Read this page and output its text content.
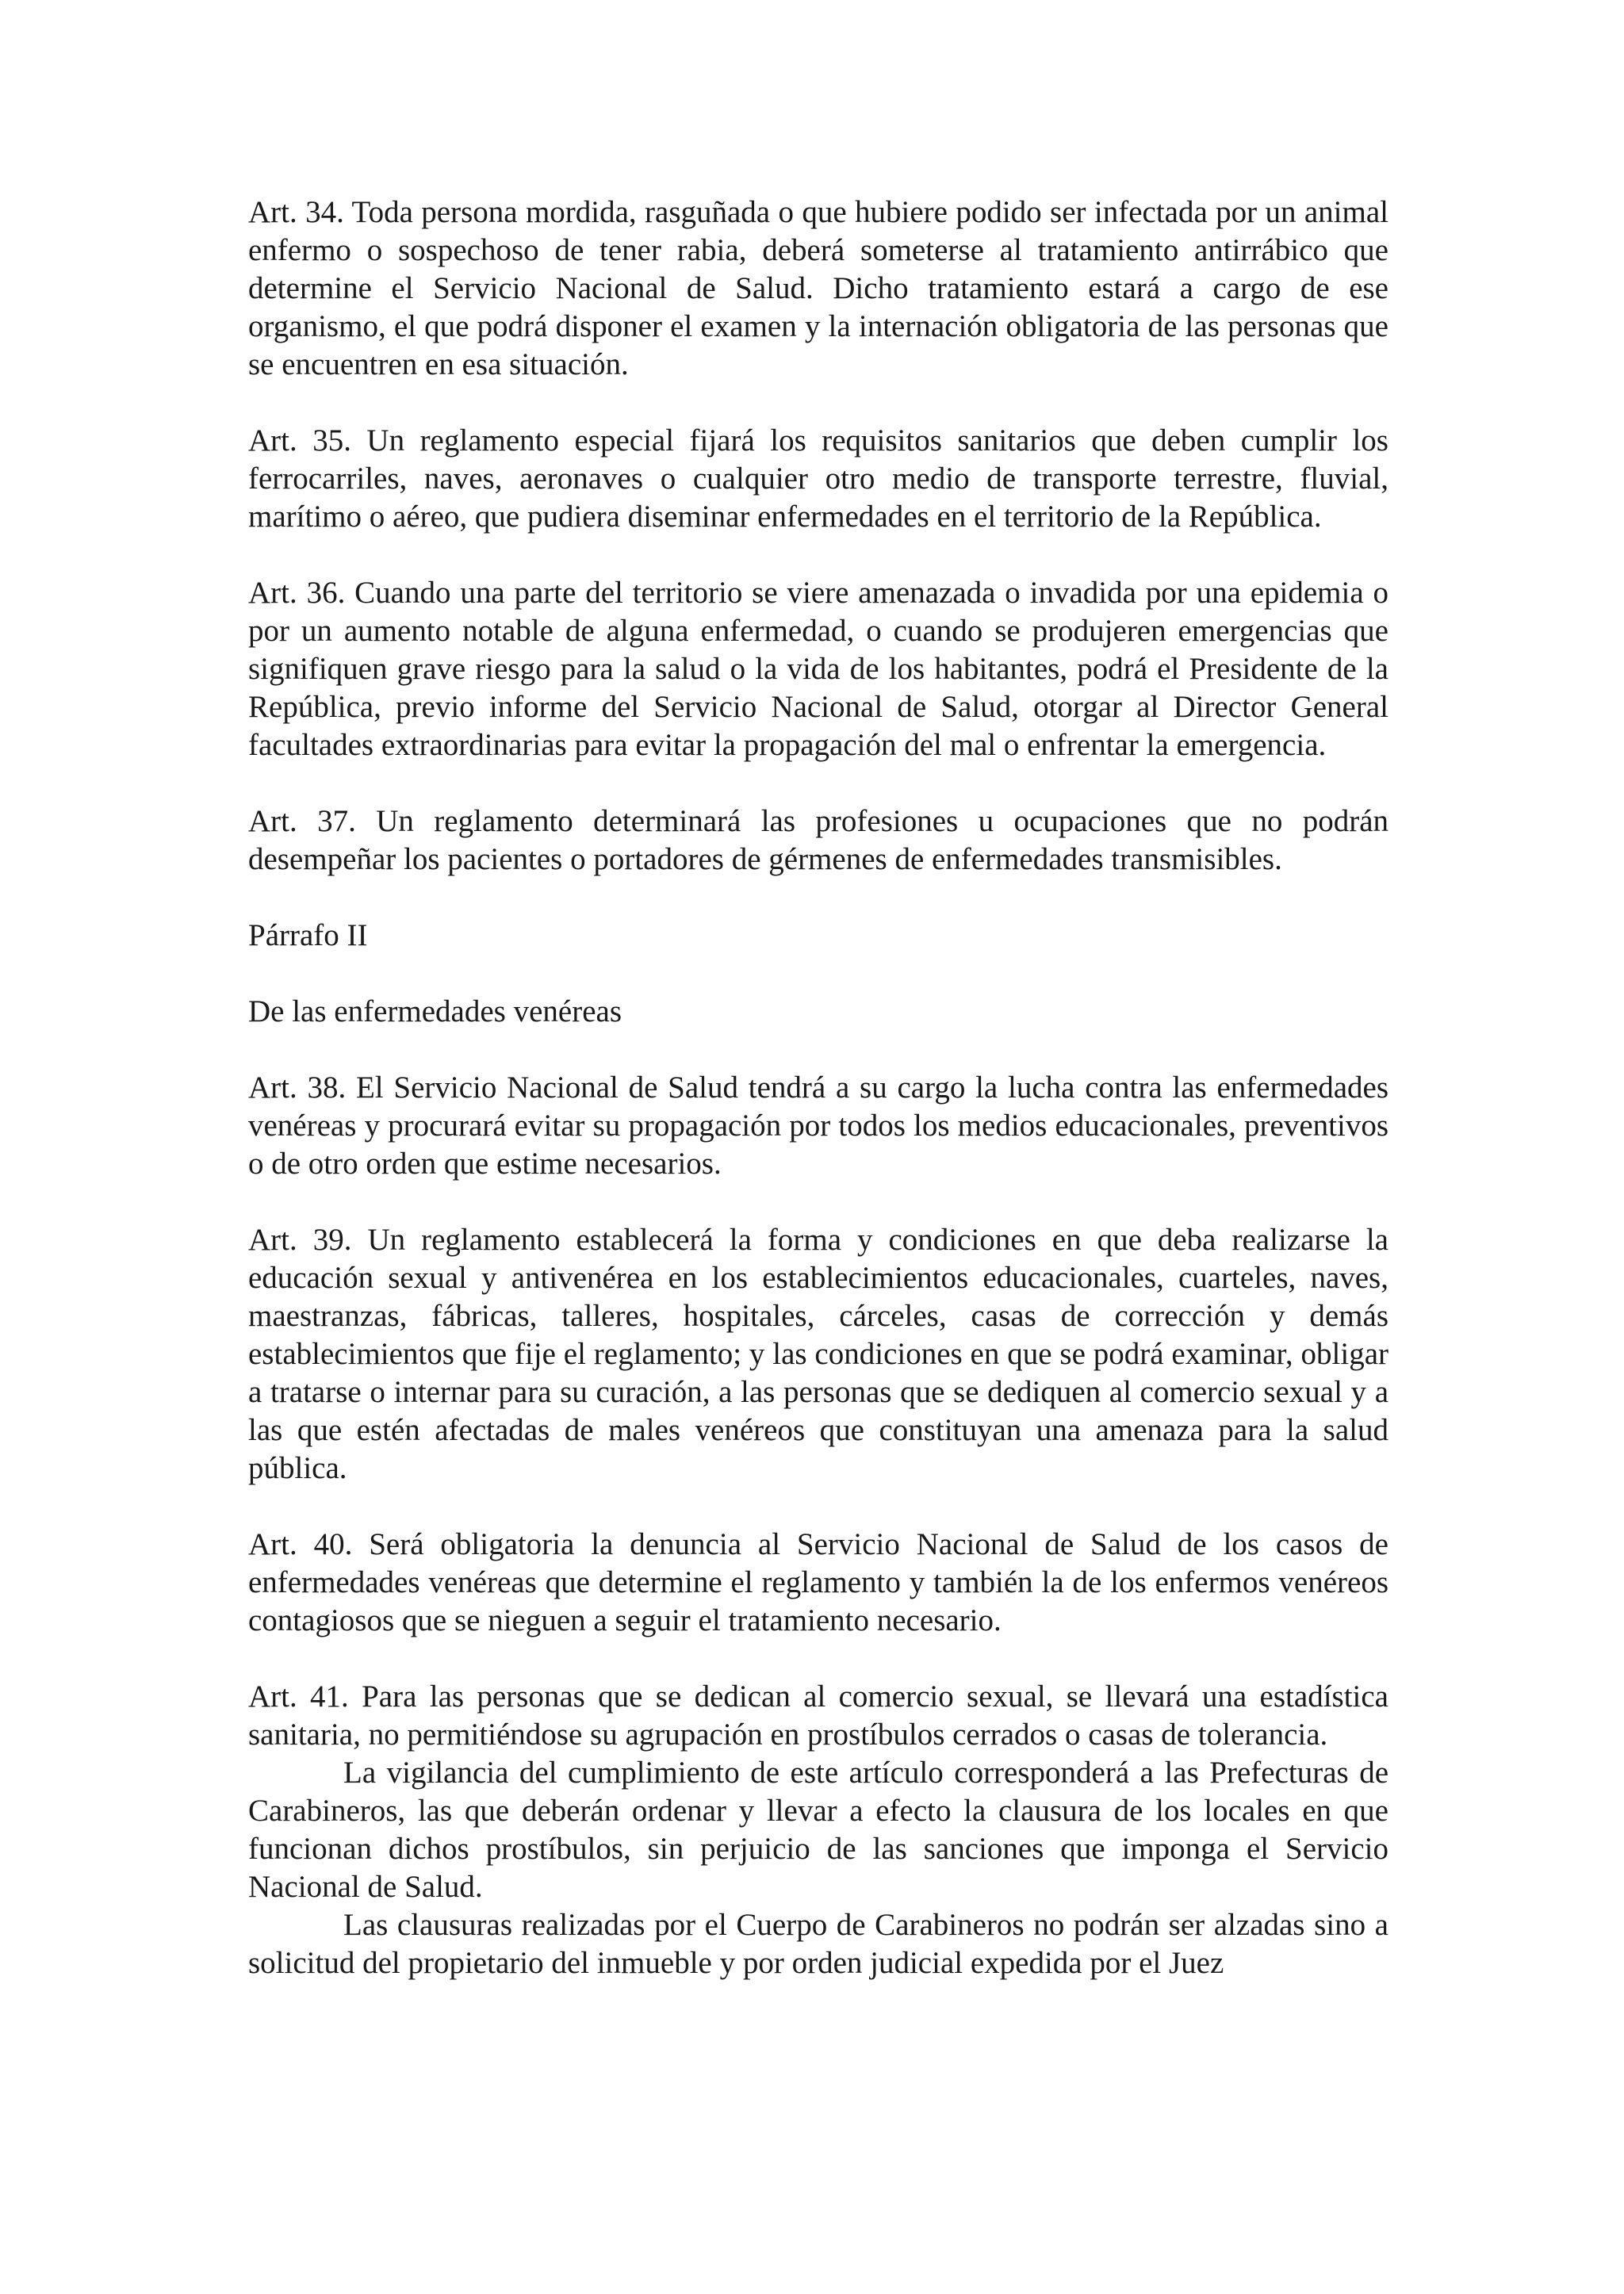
Art. 34. Toda persona mordida, rasguñada o que hubiere podido ser infectada por un animal enfermo o sospechoso de tener rabia, deberá someterse al tratamiento antirrábico que determine el Servicio Nacional de Salud. Dicho tratamiento estará a cargo de ese organismo, el que podrá disponer el examen y la internación obligatoria de las personas que se encuentren en esa situación.

Art. 35. Un reglamento especial fijará los requisitos sanitarios que deben cumplir los ferrocarriles, naves, aeronaves o cualquier otro medio de transporte terrestre, fluvial, marítimo o aéreo, que pudiera diseminar enfermedades en el territorio de la República.

Art. 36. Cuando una parte del territorio se viere amenazada o invadida por una epidemia o por un aumento notable de alguna enfermedad, o cuando se produjeren emergencias que signifiquen grave riesgo para la salud o la vida de los habitantes, podrá el Presidente de la República, previo informe del Servicio Nacional de Salud, otorgar al Director General facultades extraordinarias para evitar la propagación del mal o enfrentar la emergencia.

Art. 37. Un reglamento determinará las profesiones u ocupaciones que no podrán desempeñar los pacientes o portadores de gérmenes de enfermedades transmisibles.

Párrafo II

De las enfermedades venéreas

Art. 38. El Servicio Nacional de Salud tendrá a su cargo la lucha contra las enfermedades venéreas y procurará evitar su propagación por todos los medios educacionales, preventivos o de otro orden que estime necesarios.

Art. 39. Un reglamento establecerá la forma y condiciones en que deba realizarse la educación sexual y antivenérea en los establecimientos educacionales, cuarteles, naves, maestranzas, fábricas, talleres, hospitales, cárceles, casas de corrección y demás establecimientos que fije el reglamento; y las condiciones en que se podrá examinar, obligar a tratarse o internar para su curación, a las personas que se dediquen al comercio sexual y a las que estén afectadas de males venéreos que constituyan una amenaza para la salud pública.

Art. 40. Será obligatoria la denuncia al Servicio Nacional de Salud de los casos de enfermedades venéreas que determine el reglamento y también la de los enfermos venéreos contagiosos que se nieguen a seguir el tratamiento necesario.

Art. 41. Para las personas que se dedican al comercio sexual, se llevará una estadística sanitaria, no permitiéndose su agrupación en prostíbulos cerrados o casas de tolerancia.

La vigilancia del cumplimiento de este artículo corresponderá a las Prefecturas de Carabineros, las que deberán ordenar y llevar a efecto la clausura de los locales en que funcionan dichos prostíbulos, sin perjuicio de las sanciones que imponga el Servicio Nacional de Salud.

Las clausuras realizadas por el Cuerpo de Carabineros no podrán ser alzadas sino a solicitud del propietario del inmueble y por orden judicial expedida por el Juez
